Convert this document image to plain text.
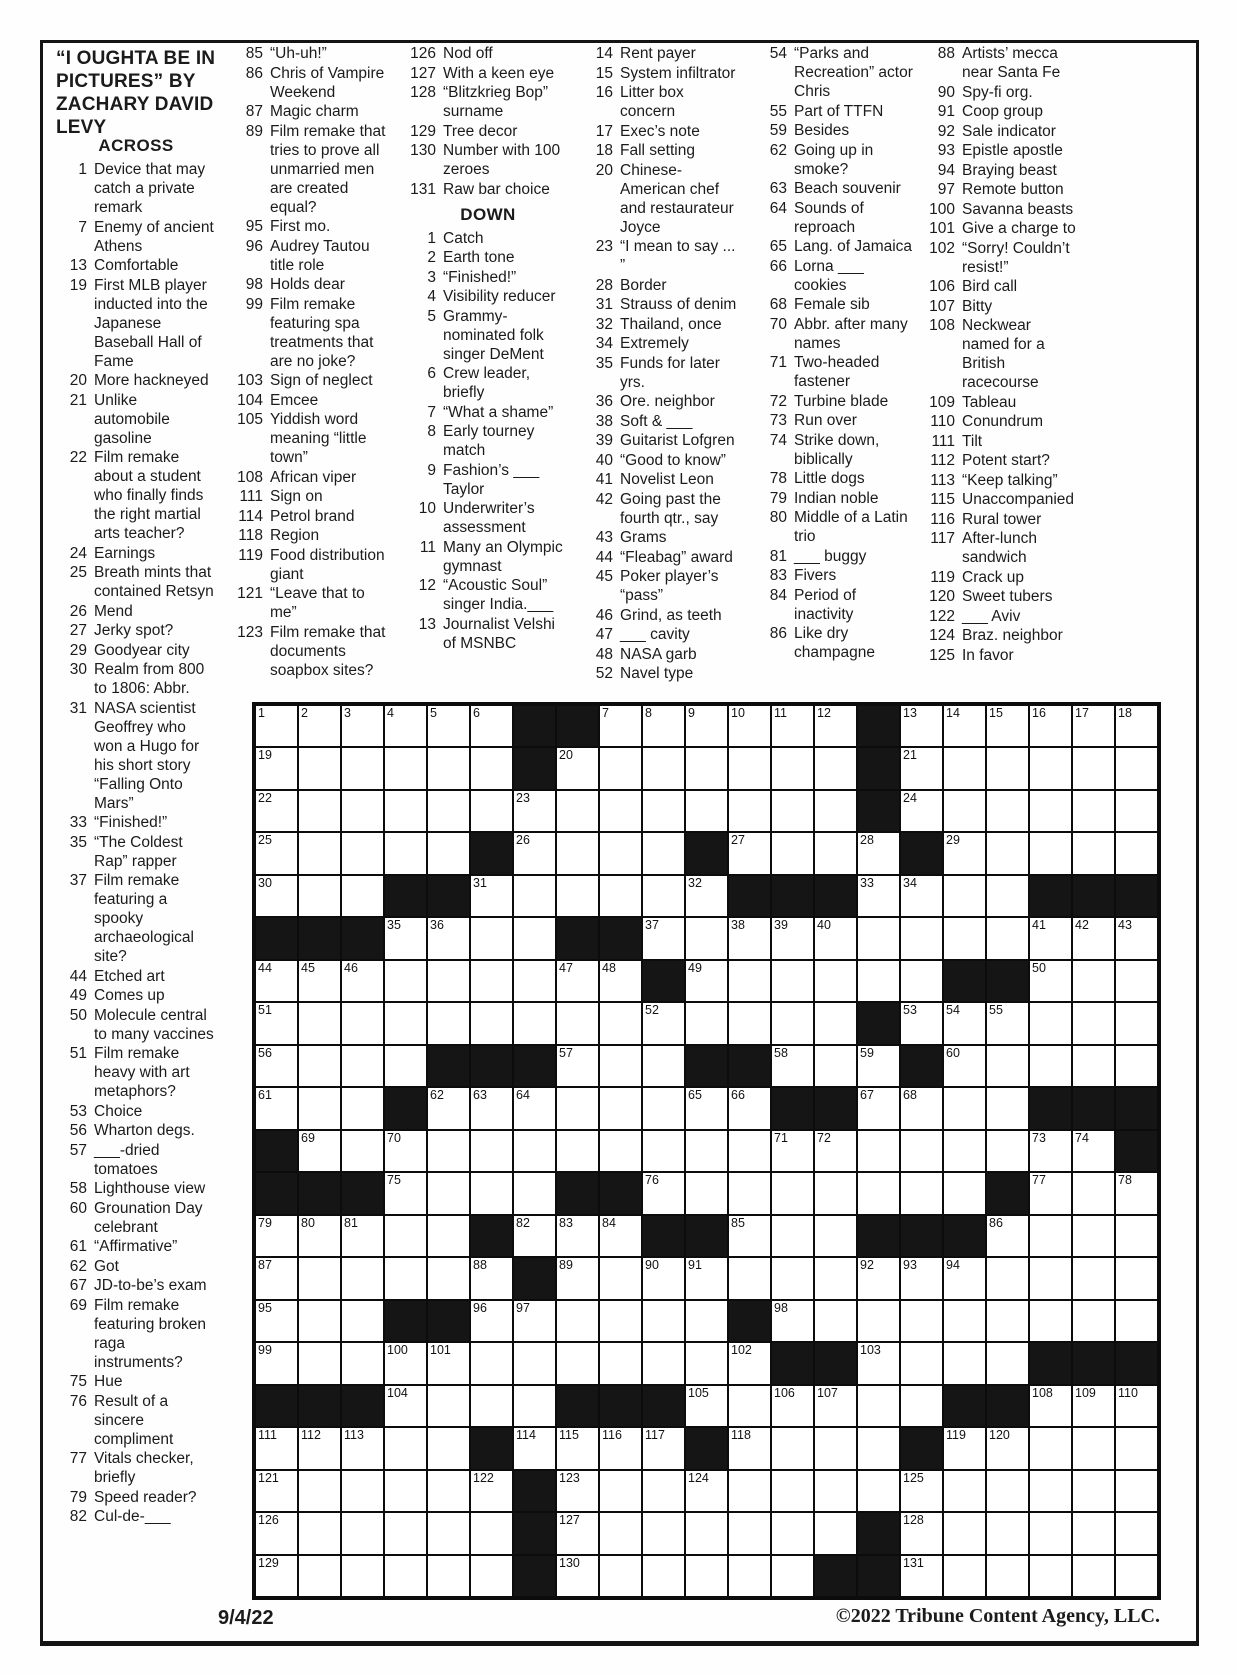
“I OUGHTA BE IN
PICTURES” BY
ZACHARY DAVID
LEVY
ACROSS
1 Device that may catch a private remark
7 Enemy of ancient Athens
13 Comfortable
19 First MLB player inducted into the Japanese Baseball Hall of Fame
20 More hackneyed
21 Unlike automobile gasoline
22 Film remake about a student who finally finds the right martial arts teacher?
24 Earnings
25 Breath mints that contained Retsyn
26 Mend
27 Jerky spot?
29 Goodyear city
30 Realm from 800 to 1806: Abbr.
31 NASA scientist Geoffrey who won a Hugo for his short story “Falling Onto Mars”
33 “Finished!”
35 “The Coldest Rap” rapper
37 Film remake featuring a spooky archaeological site?
44 Etched art
49 Comes up
50 Molecule central to many vaccines
51 Film remake heavy with art metaphors?
53 Choice
56 Wharton degs.
57 ___-dried tomatoes
58 Lighthouse view
60 Grounation Day celebrant
61 “Affirmative”
62 Got
67 JD-to-be’s exam
69 Film remake featuring broken raga instruments?
75 Hue
76 Result of a sincere compliment
77 Vitals checker, briefly
79 Speed reader?
82 Cul-de-___
85 “Uh-uh!”
86 Chris of Vampire Weekend
87 Magic charm
89 Film remake that tries to prove all unmarried men are created equal?
95 First mo.
96 Audrey Tautou title role
98 Holds dear
99 Film remake featuring spa treatments that are no joke?
103 Sign of neglect
104 Emcee
105 Yiddish word meaning “little town”
108 African viper
111 Sign on
114 Petrol brand
118 Region
119 Food distribution giant
121 “Leave that to me”
123 Film remake that documents soapbox sites?
126 Nod off
127 With a keen eye
128 “Blitzkrieg Bop” surname
129 Tree decor
130 Number with 100 zeroes
131 Raw bar choice
DOWN
1 Catch
2 Earth tone
3 “Finished!”
4 Visibility reducer
5 Grammy-nominated folk singer DeMent
6 Crew leader, briefly
7 “What a shame”
8 Early tourney match
9 Fashion’s ___ Taylor
10 Underwriter’s assessment
11 Many an Olympic gymnast
12 “Acoustic Soul” singer India.___
13 Journalist Velshi of MSNBC
14 Rent payer
15 System infiltrator
16 Litter box concern
17 Exec’s note
18 Fall setting
20 Chinese-American chef and restaurateur Joyce
23 “I mean to say ... ”
28 Border
31 Strauss of denim
32 Thailand, once
34 Extremely
35 Funds for later yrs.
36 Ore. neighbor
38 Soft & ___
39 Guitarist Lofgren
40 “Good to know”
41 Novelist Leon
42 Going past the fourth qtr., say
43 Grams
44 “Fleabag” award
45 Poker player’s “pass”
46 Grind, as teeth
47 ___ cavity
48 NASA garb
52 Navel type
54 “Parks and Recreation” actor Chris
55 Part of TTFN
59 Besides
62 Going up in smoke?
63 Beach souvenir
64 Sounds of reproach
65 Lang. of Jamaica
66 Lorna ___ cookies
68 Female sib
70 Abbr. after many names
71 Two-headed fastener
72 Turbine blade
73 Run over
74 Strike down, biblically
78 Little dogs
79 Indian noble
80 Middle of a Latin trio
81 ___ buggy
83 Fivers
84 Period of inactivity
86 Like dry champagne
88 Artists’ mecca near Santa Fe
90 Spy-fi org.
91 Coop group
92 Sale indicator
93 Epistle apostle
94 Braying beast
97 Remote button
100 Savanna beasts
101 Give a charge to
102 “Sorry! Couldn’t resist!”
106 Bird call
107 Bitty
108 Neckwear named for a British racecourse
109 Tableau
110 Conundrum
111 Tilt
112 Potent start?
113 “Keep talking”
115 Unaccompanied
116 Rural tower
117 After-lunch sandwich
119 Crack up
120 Sweet tubers
122 ___ Aviv
124 Braz. neighbor
125 In favor
1	2	3	4	5	6	7	8	9	10 11 12	13 14 15 16 17 18
19	20	21
22	23	24
25	26	27	28	29
30	31	32	33 34
35 36	37	38 39 40	41 42 43
44 45 46	47 48	49	50
51	52	53 54 55
56	57	58	59	60
61	62 63 64	65 66	67 68
69	70	71 72	73 74
75	76	77	78
79 80 81	82 83 84	85	86
87	88	89	90 91	92 93 94
95	96 97	98
99	100 101	102	103
104	105	106 107	108 109 110
111 112 113	114 115 116 117	118	119 120
121	122	123	124	125
126	127	128
129	130	131
9/4/22	©2022 Tribune Content Agency, LLC.
